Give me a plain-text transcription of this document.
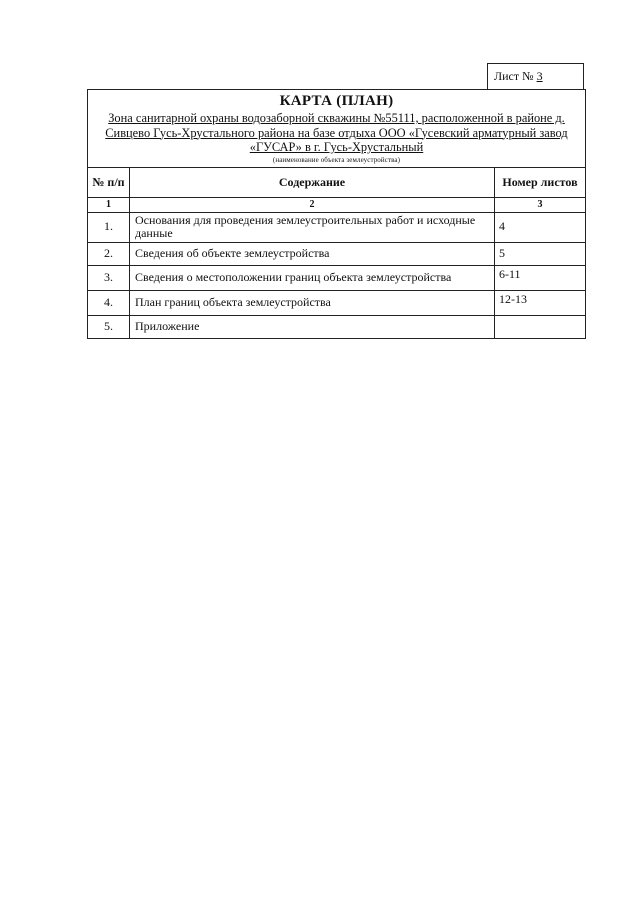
Лист № 3
КАРТА (ПЛАН)
Зона санитарной охраны водозаборной скважины №55111, расположенной в районе д. Сивцево Гусь-Хрустального района на базе отдыха ООО «Гусевский арматурный завод «ГУСАР» в г. Гусь-Хрустальный
(наименование объекта землеустройства)
№ п/п	Содержание	Номер листов
1	2	3
1.	Основания для проведения землеустроительных работ и исходные данные	4
2.	Сведения об объекте землеустройства	5
3.	Сведения о местоположении границ объекта землеустройства	6-11
4.	План границ объекта землеустройства	12-13
5.	Приложение	
